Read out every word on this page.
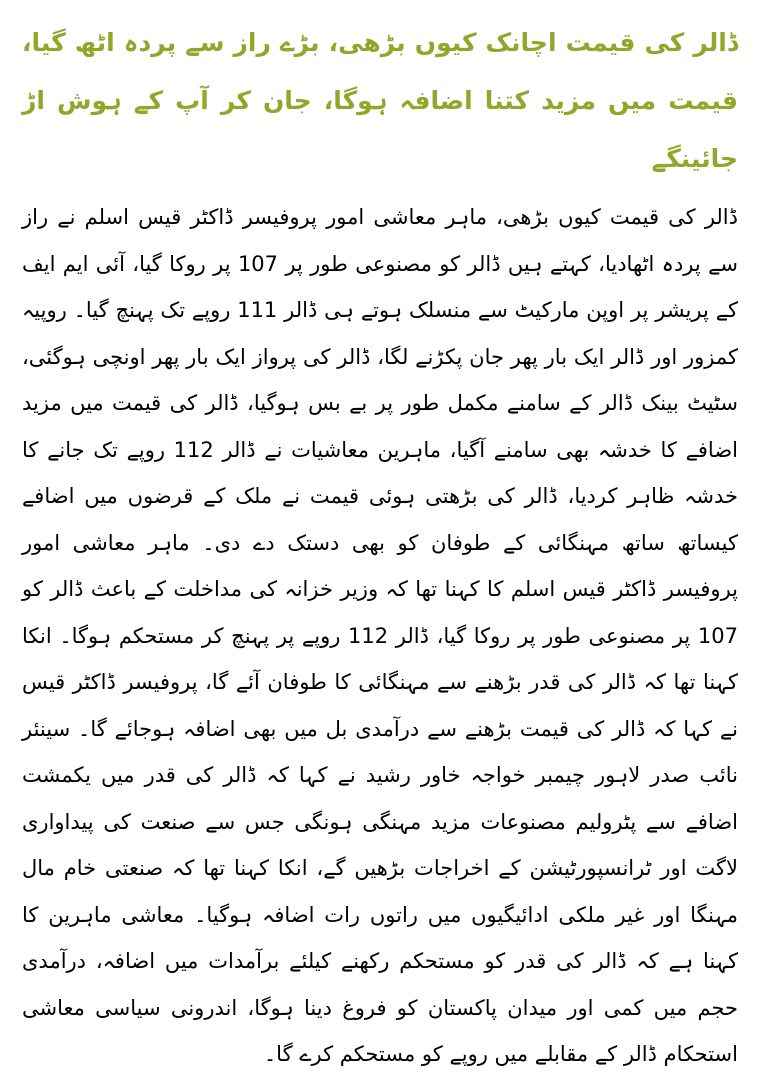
ڈالر کی قیمت اچانک کیوں بڑھی، بڑے راز سے پردہ اٹھ گیا، قیمت میں مزید کتنا اضافہ ہوگا، جان کر آپ کے ہوش اڑ جائینگے

ڈالر کی قیمت کیوں بڑھی، ماہر معاشی امور پروفیسر ڈاکٹر قیس اسلم نے راز سے پردہ اٹھادیا، کہتے ہیں ڈالر کو مصنوعی طور پر 107 پر روکا گیا، آئی ایم ایف کے پریشر پر اوپن مارکیٹ سے منسلک ہوتے ہی ڈالر 111 روپے تک پہنچ گیا۔ روپیہ کمزور اور ڈالر ایک بار پھر جان پکڑنے لگا، ڈالر کی پرواز ایک بار پھر اونچی ہوگئی، سٹیٹ بینک ڈالر کے سامنے مکمل طور پر بے بس ہوگیا، ڈالر کی قیمت میں مزید اضافے کا خدشہ بھی سامنے آگیا، ماہرین معاشیات نے ڈالر 112 روپے تک جانے کا خدشہ ظاہر کردیا، ڈالر کی بڑھتی ہوئی قیمت نے ملک کے قرضوں میں اضافے کیساتھ ساتھ مہنگائی کے طوفان کو بھی دستک دے دی۔ ماہر معاشی امور پروفیسر ڈاکٹر قیس اسلم کا کہنا تھا کہ وزیر خزانہ کی مداخلت کے باعث ڈالر کو 107 پر مصنوعی طور پر روکا گیا، ڈالر 112 روپے پر پہنچ کر مستحکم ہوگا۔ انکا کہنا تھا کہ ڈالر کی قدر بڑھنے سے مہنگائی کا طوفان آئے گا، پروفیسر ڈاکٹر قیس نے کہا کہ ڈالر کی قیمت بڑھنے سے درآمدی بل میں بھی اضافہ ہوجائے گا۔ سینئر نائب صدر لاہور چیمبر خواجہ خاور رشید نے کہا کہ ڈالر کی قدر میں یکمشت اضافے سے پٹرولیم مصنوعات مزید مہنگی ہونگی جس سے صنعت کی پیداواری لاگت اور ٹرانسپورٹیشن کے اخراجات بڑھیں گے، انکا کہنا تھا کہ صنعتی خام مال مہنگا اور غیر ملکی ادائیگیوں میں راتوں رات اضافہ ہوگیا۔ معاشی ماہرین کا کہنا ہے کہ ڈالر کی قدر کو مستحکم رکھنے کیلئے برآمدات میں اضافہ، درآمدی حجم میں کمی اور میدان پاکستان کو فروغ دینا ہوگا، اندرونی سیاسی معاشی استحکام ڈالر کے مقابلے میں روپے کو مستحکم کرے گا۔
